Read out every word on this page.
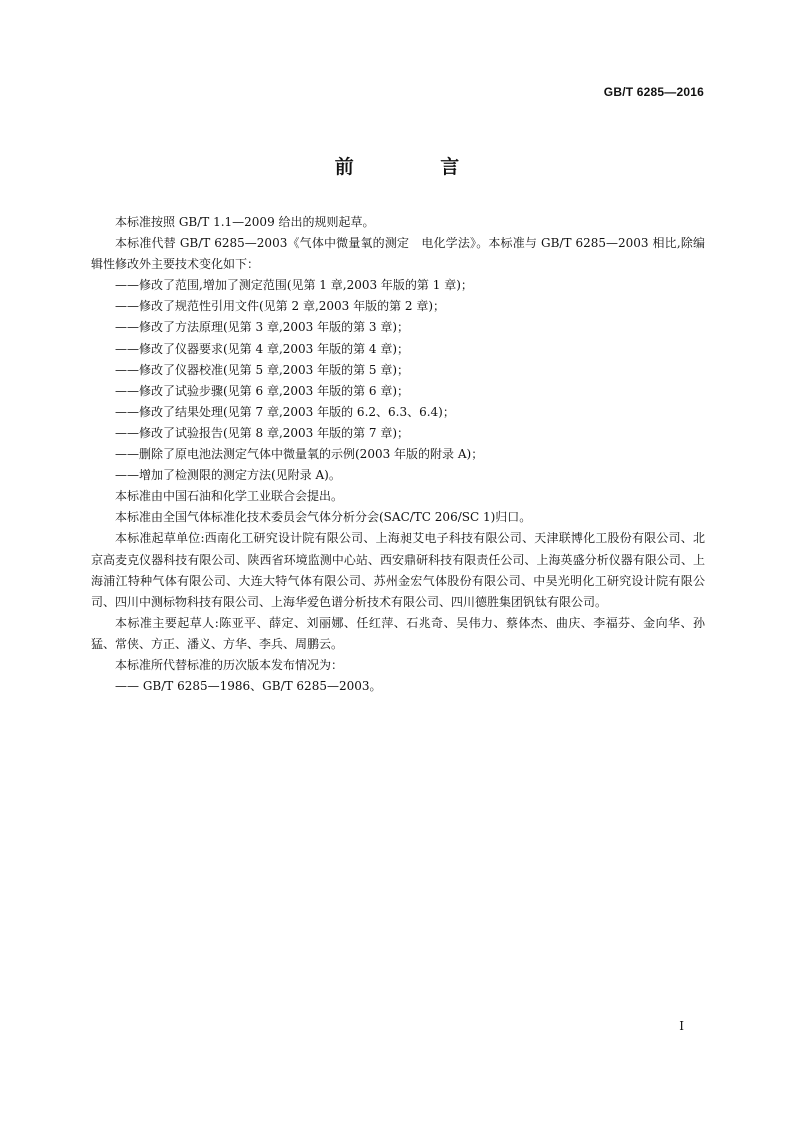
GB/T 6285—2016
前 言

本标准按照 GB/T 1.1—2009 给出的规则起草。

本标准代替 GB/T 6285—2003《气体中微量氧的测定　电化学法》。本标准与 GB/T 6285—2003 相比,除编辑性修改外主要技术变化如下：

——修改了范围,增加了测定范围(见第 1 章,2003 年版的第 1 章)；

——修改了规范性引用文件(见第 2 章,2003 年版的第 2 章)；

——修改了方法原理(见第 3 章,2003 年版的第 3 章)；

——修改了仪器要求(见第 4 章,2003 年版的第 4 章)；

——修改了仪器校准(见第 5 章,2003 年版的第 5 章)；

——修改了试验步骤(见第 6 章,2003 年版的第 6 章)；

——修改了结果处理(见第 7 章,2003 年版的 6.2、6.3、6.4)；

——修改了试验报告(见第 8 章,2003 年版的第 7 章)；

——删除了原电池法测定气体中微量氧的示例(2003 年版的附录 A)；

——增加了检测限的测定方法(见附录 A)。

本标准由中国石油和化学工业联合会提出。

本标准由全国气体标准化技术委员会气体分析分会(SAC/TC 206/SC 1)归口。

本标准起草单位:西南化工研究设计院有限公司、上海昶艾电子科技有限公司、天津联博化工股份有限公司、北京高麦克仪器科技有限公司、陕西省环境监测中心站、西安鼎研科技有限责任公司、上海英盛分析仪器有限公司、上海浦江特种气体有限公司、大连大特气体有限公司、苏州金宏气体股份有限公司、中昊光明化工研究设计院有限公司、四川中测标物科技有限公司、上海华爱色谱分析技术有限公司、四川德胜集团钒钛有限公司。

本标准主要起草人:陈亚平、薛定、刘丽娜、任红萍、石兆奇、吴伟力、蔡体杰、曲庆、李福芬、金向华、孙猛、常侠、方正、潘义、方华、李兵、周鹏云。

本标准所代替标准的历次版本发布情况为：

—— GB/T 6285—1986、GB/T 6285—2003。

I
